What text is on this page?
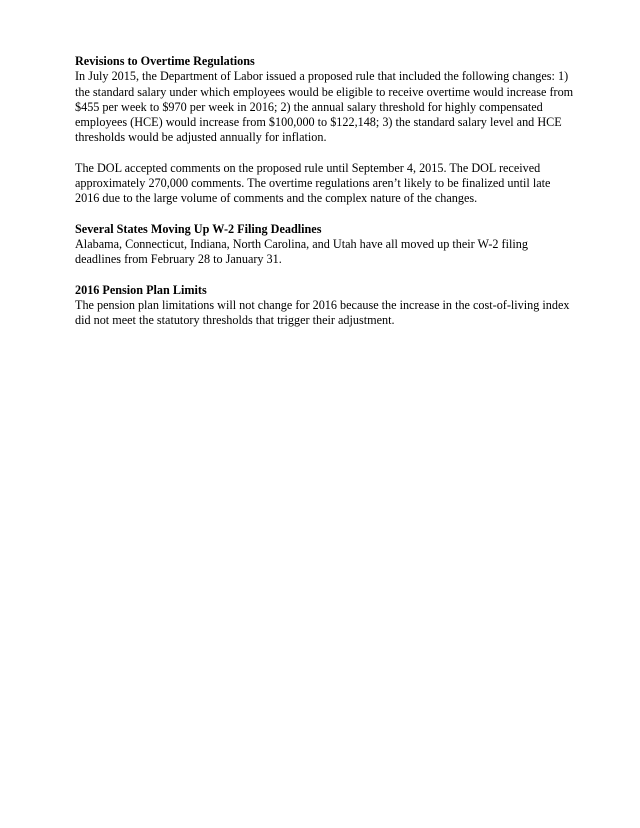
Revisions to Overtime Regulations

In July 2015, the Department of Labor issued a proposed rule that included the following changes: 1) the standard salary under which employees would be eligible to receive overtime would increase from $455 per week to $970 per week in 2016; 2) the annual salary threshold for highly compensated employees (HCE) would increase from $100,000 to $122,148; 3) the standard salary level and HCE thresholds would be adjusted annually for inflation.

The DOL accepted comments on the proposed rule until September 4, 2015. The DOL received approximately 270,000 comments. The overtime regulations aren’t likely to be finalized until late 2016 due to the large volume of comments and the complex nature of the changes.

Several States Moving Up W-2 Filing Deadlines

Alabama, Connecticut, Indiana, North Carolina, and Utah have all moved up their W-2 filing deadlines from February 28 to January 31.

2016 Pension Plan Limits

The pension plan limitations will not change for 2016 because the increase in the cost-of-living index did not meet the statutory thresholds that trigger their adjustment.
